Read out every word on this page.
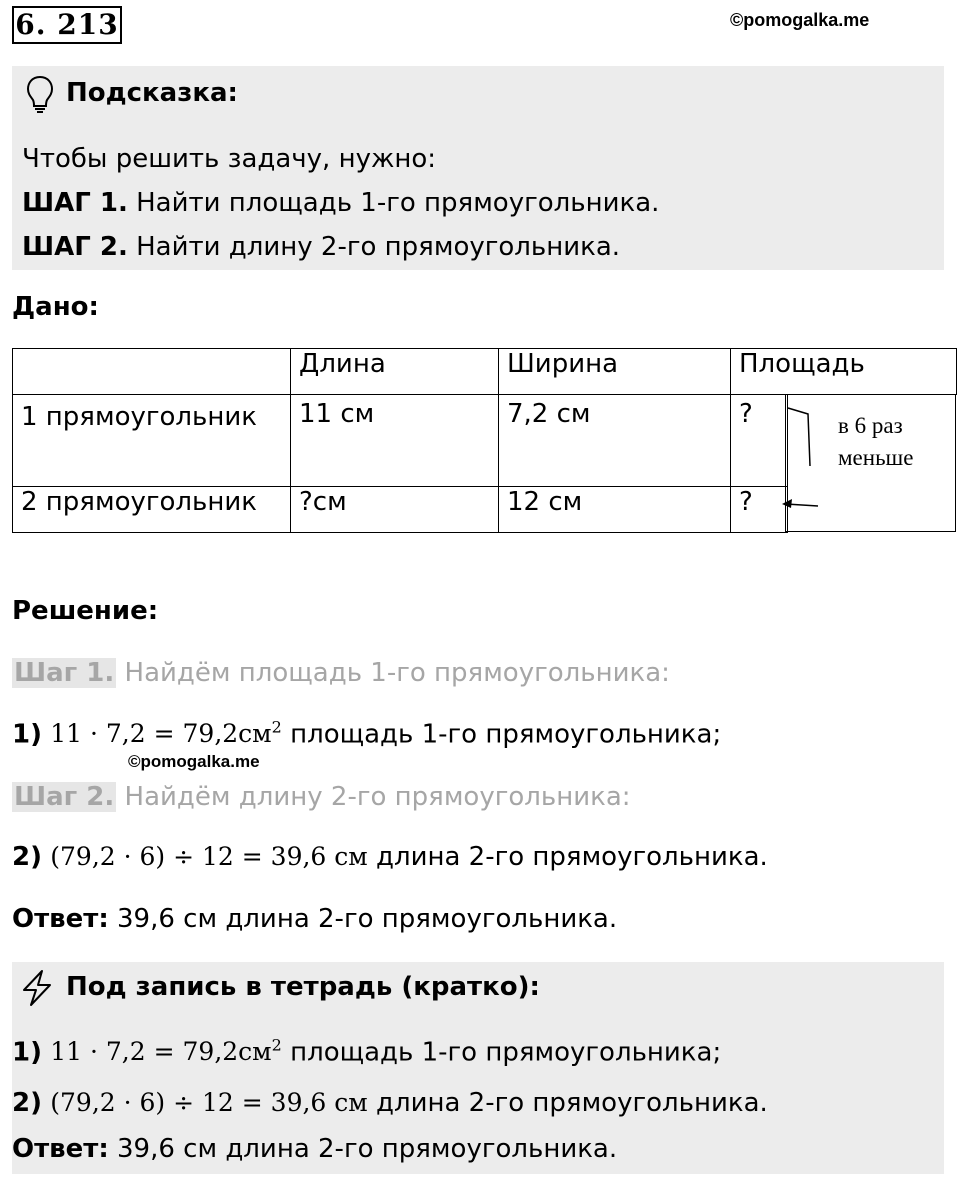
6. 213	©pomogalka.me
Подсказка:
Чтобы решить задачу, нужно:
ШАГ 1. Найти площадь 1-го прямоугольника.
ШАГ 2. Найти длину 2-го прямоугольника.
Дано:
	Длина	Ширина	Площадь	
1 прямоугольник	11 см	7,2 см	?	
2 прямоугольник	?см	12 см	?	
в 6 раз
меньше
Решение:
Шаг 1. Найдём площадь 1-го прямоугольника:
1) $11 \cdot 7,2 = 79,2см^2$ площадь 1-го прямоугольника;
©pomogalka.me
Шаг 2. Найдём длину 2-го прямоугольника:
2) (79,2 · 6) ÷ 12 = 39,6 см длина 2-го прямоугольника.
Ответ: 39,6 см длина 2-го прямоугольника.
Под запись в тетрадь (кратко):
1) $11 \cdot 7,2 = 79,2см^2$ площадь 1-го прямоугольника;
2) (79,2 · 6) ÷ 12 = 39,6 см длина 2-го прямоугольника.
Ответ: 39,6 см длина 2-го прямоугольника.
